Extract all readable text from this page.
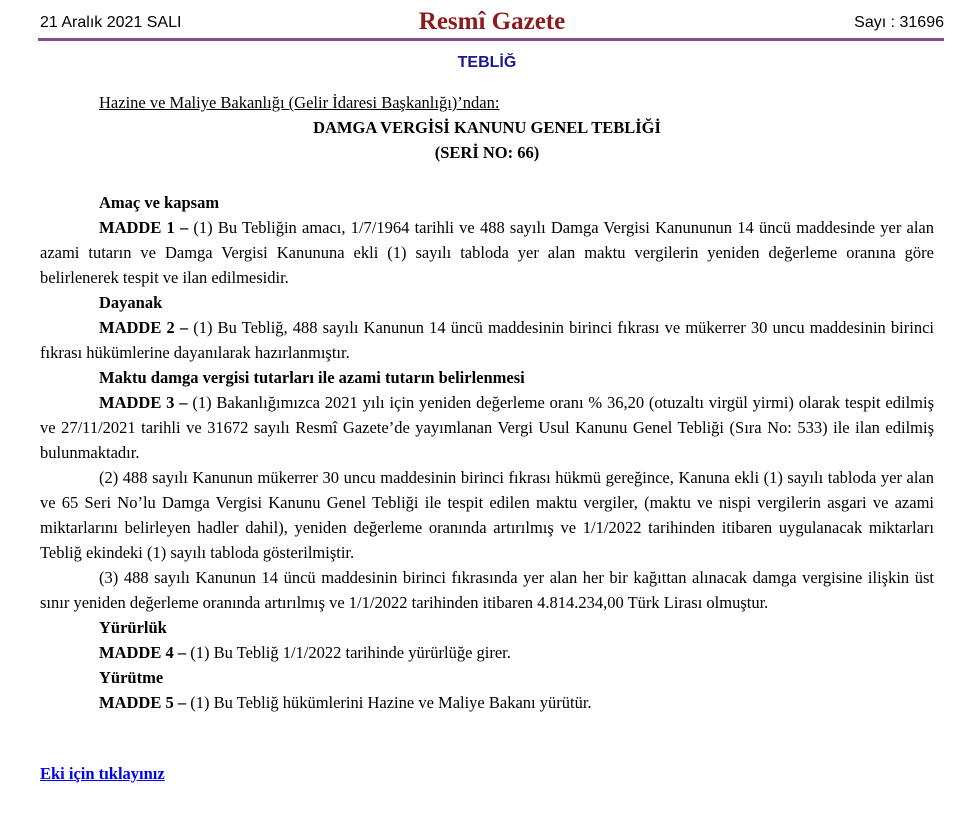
21 Aralık 2021 SALI	Resmî Gazete	Sayı : 31696
TEBLİĞ

Hazine ve Maliye Bakanlığı (Gelir İdaresi Başkanlığı)’ndan:

DAMGA VERGİSİ KANUNU GENEL TEBLİĞİ

(SERİ NO: 66)

Amaç ve kapsam

MADDE 1 – (1) Bu Tebliğin amacı, 1/7/1964 tarihli ve 488 sayılı Damga Vergisi Kanununun 14 üncü maddesinde yer alan azami tutarın ve Damga Vergisi Kanununa ekli (1) sayılı tabloda yer alan maktu vergilerin yeniden değerleme oranına göre belirlenerek tespit ve ilan edilmesidir.

Dayanak

MADDE 2 – (1) Bu Tebliğ, 488 sayılı Kanunun 14 üncü maddesinin birinci fıkrası ve mükerrer 30 uncu maddesinin birinci fıkrası hükümlerine dayanılarak hazırlanmıştır.

Maktu damga vergisi tutarları ile azami tutarın belirlenmesi

MADDE 3 – (1) Bakanlığımızca 2021 yılı için yeniden değerleme oranı % 36,20 (otuzaltı virgül yirmi) olarak tespit edilmiş ve 27/11/2021 tarihli ve 31672 sayılı Resmî Gazete’de yayımlanan Vergi Usul Kanunu Genel Tebliği (Sıra No: 533) ile ilan edilmiş bulunmaktadır.

(2) 488 sayılı Kanunun mükerrer 30 uncu maddesinin birinci fıkrası hükmü gereğince, Kanuna ekli (1) sayılı tabloda yer alan ve 65 Seri No’lu Damga Vergisi Kanunu Genel Tebliği ile tespit edilen maktu vergiler, (maktu ve nispi vergilerin asgari ve azami miktarlarını belirleyen hadler dahil), yeniden değerleme oranında artırılmış ve 1/1/2022 tarihinden itibaren uygulanacak miktarları Tebliğ ekindeki (1) sayılı tabloda gösterilmiştir.

(3) 488 sayılı Kanunun 14 üncü maddesinin birinci fıkrasında yer alan her bir kağıttan alınacak damga vergisine ilişkin üst sınır yeniden değerleme oranında artırılmış ve 1/1/2022 tarihinden itibaren 4.814.234,00 Türk Lirası olmuştur.

Yürürlük

MADDE 4 – (1) Bu Tebliğ 1/1/2022 tarihinde yürürlüğe girer.

Yürütme

MADDE 5 – (1) Bu Tebliğ hükümlerini Hazine ve Maliye Bakanı yürütür.

Eki için tıklayınız
